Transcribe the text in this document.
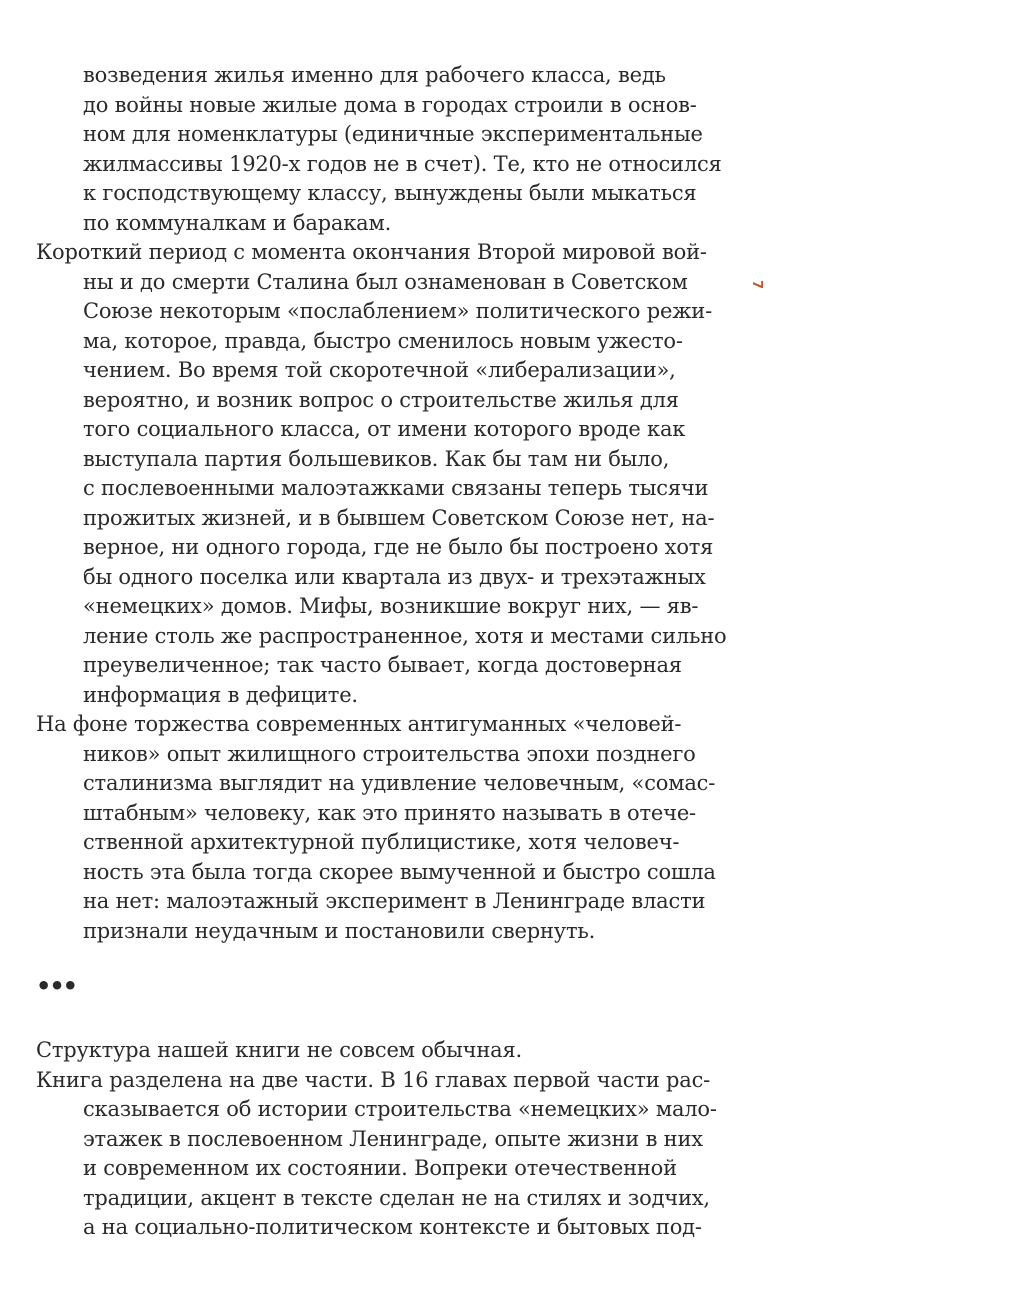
возведения жилья именно для рабочего класса, ведь
до войны новые жилые дома в городах строили в основ-
ном для номенклатуры (единичные экспериментальные
жилмассивы 1920-х годов не в счет). Те, кто не относился
к господствующему классу, вынуждены были мыкаться
по коммуналкам и баракам.
Короткий период с момента окончания Второй мировой вой-
ны и до смерти Сталина был ознаменован в Советском
Союзе некоторым «послаблением» политического режи-
ма, которое, правда, быстро сменилось новым ужесто-
чением. Во время той скоротечной «либерализации»,
вероятно, и возник вопрос о строительстве жилья для
того социального класса, от имени которого вроде как
выступала партия большевиков. Как бы там ни было,
с послевоенными малоэтажками связаны теперь тысячи
прожитых жизней, и в бывшем Советском Союзе нет, на-
верное, ни одного города, где не было бы построено хотя
бы одного поселка или квартала из двух- и трехэтажных
«немецких» домов. Мифы, возникшие вокруг них, — яв-
ление столь же распространенное, хотя и местами сильно
преувеличенное; так часто бывает, когда достоверная
информация в дефиците.
На фоне торжества современных антигуманных «человей-
ников» опыт жилищного строительства эпохи позднего
сталинизма выглядит на удивление человечным, «сомас-
штабным» человеку, как это принято называть в отече-
ственной архитектурной публицистике, хотя человеч-
ность эта была тогда скорее вымученной и быстро сошла
на нет: малоэтажный эксперимент в Ленинграде власти
признали неудачным и постановили свернуть.
7
•••
Структура нашей книги не совсем обычная.
Книга разделена на две части. В 16 главах первой части рас-
сказывается об истории строительства «немецких» мало-
этажек в послевоенном Ленинграде, опыте жизни в них
и современном их состоянии. Вопреки отечественной
традиции, акцент в тексте сделан не на стилях и зодчих,
а на социально-политическом контексте и бытовых под-
